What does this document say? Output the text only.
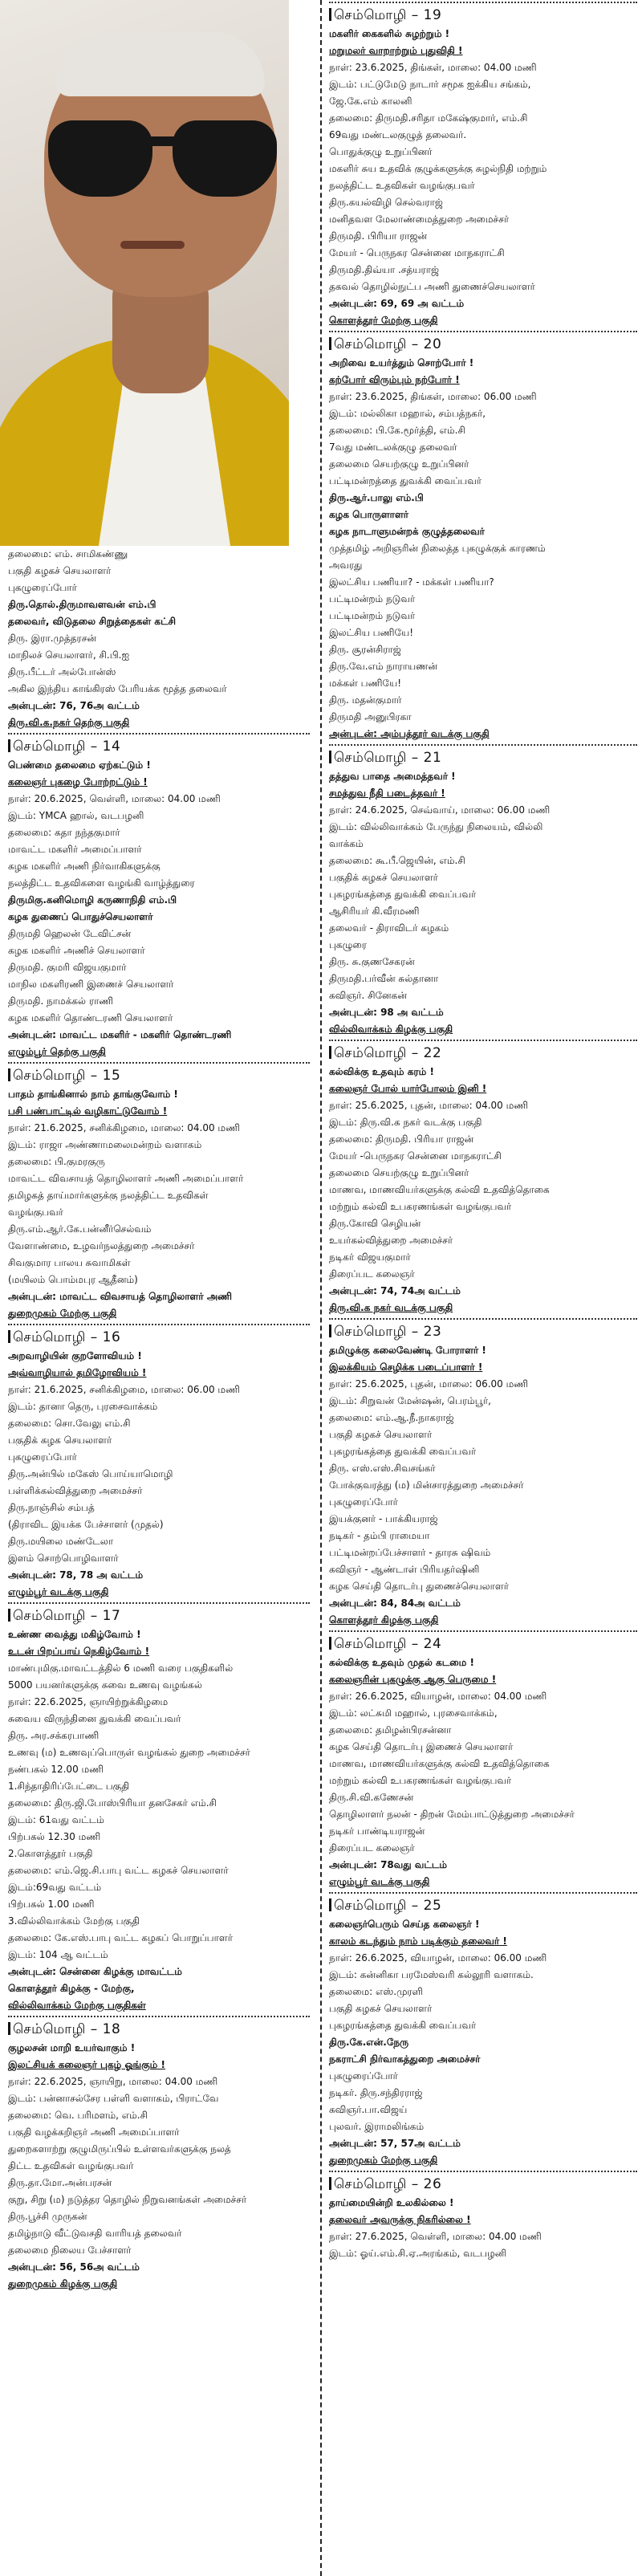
தலைமை: எம். சாமிகண்ணு
பகுதி கழகச் செயலாளர்
புகழுரைப்போர்
திரு.தொல்.திருமாவளவன் எம்.பி
தலைவர், விடுதலை சிறுத்தைகள் கட்சி
திரு. இரா.முத்தரசன்
மாநிலச் செயலாளர், சி.பி.ஐ
திரு.பீட்டர் அல்போன்ஸ்
அகில இந்திய காங்கிரஸ் பேரியக்க மூத்த தலைவர்
அன்புடன்: 76, 76அ வட்டம்
திரு.வி.க.நகர் தெற்கு பகுதி
செம்மொழி – 14
பெண்மை தலைமை ஏற்கட்டும் !
கலைஞர் புகழை போற்றட்டும் !
நாள்: 20.6.2025, வெள்ளி, மாலை: 04.00 மணி
இடம்: YMCA ஹால், வடபழனி
தலைமை: கதா நந்தகுமார்
மாவட்ட மகளிர் அமைப்பாளர்
கழக மகளிர் அணி நிர்வாகிகளுக்கு
நலத்திட்ட உதவிகளை வழங்கி வாழ்த்துரை
திருமிகு.கனிமொழி கருணாநிதி எம்.பி
கழக துணைப் பொதுச்செயலாளர்
திருமதி ஹெலன் டேவிட்சன்
கழக மகளிர் அணிச் செயலாளர்
திருமதி. குமரி விஜயகுமார்
மாநில மகளிரணி இணைச் செயலாளர்
திருமதி. நாமக்கல் ராணி
கழக மகளிர் தொண்டரணி செயலாளர்
அன்புடன்: மாவட்ட மகளிர் - மகளிர் தொண்டரணி
எழும்பூர் தெற்கு பகுதி
செம்மொழி – 15
பாதம் தாங்கினால் நாம் தாங்குவோம் !
பசி பண்பாட்டில் வழிகாட்டுவோம் !
நாள்: 21.6.2025, சனிக்கிழமை, மாலை: 04.00 மணி
இடம்: ராஜா அண்ணாமலைமன்றம் வளாகம்
தலைமை: பி.குமரகுரு
மாவட்ட விவசாயத் தொழிலாளர் அணி அமைப்பாளர்
தமிழகத் தாய்மார்களுக்கு நலத்திட்ட உதவிகள்
வழங்குபவர்
திரு.எம்.ஆர்.கே.பன்னீர்செல்வம்
வேளாண்மை, உழவர்நலத்துறை அமைச்சர்
சிவகுமார பாலய சுவாமிகள்
(மயிலம் பொம்மபுர ஆதீனம்)
அன்புடன்: மாவட்ட விவசாயத் தொழிலாளர் அணி
துறைமுகம் மேற்கு பகுதி
செம்மொழி – 16
அறவாழியின் குறளோவியம் !
அவ்வாழியால் தமிழோவியம் !
நாள்: 21.6.2025, சனிக்கிழமை, மாலை: 06.00 மணி
இடம்: தானா தெரு, புரசைவாக்கம்
தலைமை: சொ.வேலு எம்.சி
பகுதிக் கழக செயலாளர்
புகழுரைப்போர்
திரு.அன்பில் மகேஸ் பொய்யாமொழி
பள்ளிக்கல்வித்துறை அமைச்சர்
திரு.நாஞ்சில் சம்பத்
(திராவிட இயக்க பேச்சாளர் (முதல்)
திரு.மயிலை மண்டேலா
இளம் சொற்பொழிவாளர்
அன்புடன்: 78, 78 அ வட்டம்
எழும்பூர் வடக்கு பகுதி
செம்மொழி – 17
உண்ண வைத்து மகிழ்வோம் !
உடன் பிறப்பாய் நெகிழ்வோம் !
மாண்புமிகு.மாவட்டத்தில் 6 மணி வரை பகுதிகளில்
5000 பயனர்களுக்கு சுவை உணவு வழங்கல்
நாள்: 22.6.2025, ஞாயிற்றுக்கிழமை
சுவைய விருந்தினை துவக்கி வைப்பவர்
திரு. அர.சக்கரபாணி
உணவு (ம) உணவுப்பொருள் வழங்கல் துறை அமைச்சர்
நண்பகல் 12.00 மணி
1.சிந்தாதிரிப்பேட்டை பகுதி
தலைமை: திரு.ஜி.போஸ்பிரியா தனசேகர் எம்.சி
இடம்: 61வது வட்டம்
பிற்பகல் 12.30 மணி
2.கொளத்தூர் பகுதி
தலைமை: எம்.ஜெ.சி.பாபு வட்ட கழகச் செயலாளர்
இடம்:69வது வட்டம்
பிற்பகல் 1.00 மணி
3.வில்லிவாக்கம் மேற்கு பகுதி
தலைமை: கே.எஸ்.பாபு வட்ட கழகப் பொறுப்பாளர்
இடம்: 104 ஆ வட்டம்
அன்புடன்: சென்னை கிழக்கு மாவட்டம்
கொளத்தூர் கிழக்கு - மேற்கு,
வில்லிவாக்கம் மேற்கு பகுதிகள்
செம்மொழி – 18
குழலசன் மாறி உயர்வாகும் !
இலட்சியக் கலைஞர் புகழ் ஓங்கும் !
நாள்: 22.6.2025, ஞாயிறு, மாலை: 04.00 மணி
இடம்: பன்னாசல்சேர பள்ளி வளாகம், பிராட்வே
தலைமை: வெ. பரிமளம், எம்.சி
பகுதி வழக்கறிஞர் அணி அமைப்பாளர்
துறைகளாற்று குழுமிருப்பில் உள்ளவர்களுக்கு நலத்
திட்ட உதவிகள் வழங்குபவர்
திரு.தா.மோ.அன்பரசன்
குறு, சிறு (ம) நடுத்தர தொழில் நிறுவனங்கள் அமைச்சர்
திரு.பூச்சி முருகன்
தமிழ்நாடு வீட்டுவசதி வாரியத் தலைவர்
தலைமை நிலைய பேச்சாளர்
அன்புடன்: 56, 56அ வட்டம்
துறைமுகம் கிழக்கு பகுதி
செம்மொழி – 19
மகளிர் கைகளில் சுழற்றும் !
மறுமலர் வாறாற்றும் புதுவிதி !
நாள்: 23.6.2025, திங்கள், மாலை: 04.00 மணி
இடம்: பட்டுமேடு நாடார் சமூக ஐக்கிய சங்கம்,
ஜே.கே.எம் காலனி
தலைமை: திருமதி.சரிதா மகேஷ்குமார், எம்.சி
69வது மண்டலகுழுத் தலைவர்.
பொதுக்குழு உறுப்பினர்
மகளிர் சுய உதவிக் குழுக்களுக்கு சுழல்நிதி மற்றும்
நலத்திட்ட உதவிகள் வழங்குபவர்
திரு.கயல்விழி செல்வராஜ்
மனிதவள மேலாண்மைத்துறை அமைச்சர்
திருமதி. பிரியா ராஜன்
மேயர் - பெருநகர சென்னை மாநகராட்சி
திருமதி.திவ்யா .சத்யராஜ்
தகவல் தொழில்நுட்ப அணி துணைச்செயலாளர்
அன்புடன்: 69, 69 அ வட்டம்
கொளத்தூர் மேற்கு பகுதி
செம்மொழி – 20
அறிவை உயர்த்தும் சொற்போர் !
கற்போர் விரும்பும் நற்போர் !
நாள்: 23.6.2025, திங்கள், மாலை: 06.00 மணி
இடம்: மல்லிகா மஹால், சம்பத்நகர்,
தலைமை: பி.கே.மூர்த்தி, எம்.சி
7வது மண்டலக்குழு தலைவர்
தலைமை செயற்குழு உறுப்பினர்
பட்டிமன்றத்தை துவக்கி வைப்பவர்
திரு.ஆர்.பாலு எம்.பி
கழக பொருளாளர்
கழக நாடாளுமன்றக் குழுத்தலைவர்
முத்தமிழ் அறிஞரின் நிலைத்த புகழுக்குக் காரணம்
அவரது
இலட்சிய பணியா? - மக்கள் பணியா?
பட்டிமன்றம் நடுவர்
பட்டிமன்றம் நடுவர்
இலட்சிய பணியே!
திரு. சூரன்சிராஜ்
திரு.வே.எம் நாராயணன்
மக்கள் பணியே!
திரு. மதன்குமார்
திருமதி அனுபிரகா
அன்புடன்: அம்பத்தூர் வடக்கு பகுதி
செம்மொழி – 21
தத்துவ பாதை அமைத்தவர் !
சமத்துவ நீதி படைத்தவர் !
நாள்: 24.6.2025, செவ்வாய், மாலை: 06.00 மணி
இடம்: வில்லிவாக்கம் பேருந்து நிலையம், வில்லி
வாக்கம்
தலைமை: கூ.பீ.ஜெயின், எம்.சி
பகுதிக் கழகச் செயலாளர்
புகழரங்கத்தை துவக்கி வைப்பவர்
ஆசிரியர் கி.வீரமணி
தலைவர் - திராவிடர் கழகம்
புகழுரை
திரு. சு.குணசேகரன்
திருமதி.பர்வீன் சுல்தானா
கவிஞர். சினேகன்
அன்புடன்: 98 அ வட்டம்
வில்லிவாக்கம் கிழக்கு பகுதி
செம்மொழி – 22
கல்விக்கு உதவும் கரம் !
கலைஞர் போல் யார்போலம் இனி !
நாள்: 25.6.2025, புதன், மாலை: 04.00 மணி
இடம்: திரு.வி.க நகர் வடக்கு பகுதி
தலைமை: திருமதி. பிரியா ராஜன்
மேயர் -பெருநகர சென்னை மாநகராட்சி
தலைமை செயற்குழு உறுப்பினர்
மாணவ, மாணவியர்களுக்கு கல்வி உதவித்தொகை
மற்றும் கல்வி உபகரணங்கள் வழங்குபவர்
திரு.கோவி செழியன்
உயர்கல்வித்துறை அமைச்சர்
நடிகர் விஜயகுமார்
திரைப்பட கலைஞர்
அன்புடன்: 74, 74அ வட்டம்
திரு.வி.க நகர் வடக்கு பகுதி
செம்மொழி – 23
தமிழுக்கு கலைவேண்டி போராளர் !
இலக்கியம் செழிக்க படைப்பாளர் !
நாள்: 25.6.2025, புதன், மாலை: 06.00 மணி
இடம்: சிறுவன் மேன்ஷன், பெரம்பூர்,
தலைமை: எம்.ஆ.நீ.நாகராஜ்
பகுதி கழகச் செயலாளர்
புகழரங்கத்தை துவக்கி வைப்பவர்
திரு. எஸ்.எஸ்.சிவசங்கர்
போக்குவரத்து (ம) மின்சாரத்துறை அமைச்சர்
புகழுரைப்போர்
இயக்குனர் - பாக்கியராஜ்
நடிகர் - தம்பி ராமையா
பட்டிமன்றப்பேச்சாளர் - தாரசு ஷிவம்
கவிஞர் - ஆண்டாள் பிரியதர்ஷினி
கழக செய்தி தொடர்பு துணைச்செயலாளர்
அன்புடன்: 84, 84அ வட்டம்
கொளத்தூர் கிழக்கு பகுதி
செம்மொழி – 24
கல்விக்கு உதவும் முதல் கடமை !
கலைஞரின் புகழுக்கு ஆகு பெருமை !
நாள்: 26.6.2025, வியாழன், மாலை: 04.00 மணி
இடம்: லட்சுமி மஹால், புரசைவாக்கம்,
தலைமை: தமிழன்பிரசன்னா
கழக செய்தி தொடர்பு இணைச் செயலாளர்
மாணவ, மாணவியர்களுக்கு கல்வி உதவித்தொகை
மற்றும் கல்வி உபகரணங்கள் வழங்குபவர்
திரு.சி.வி.கணேசன்
தொழிலாளர் நலன் - திறன் மேம்பாட்டுத்துறை அமைச்சர்
நடிகர் பாண்டியராஜன்
திரைப்பட கலைஞர்
அன்புடன்: 78வது வட்டம்
எழும்பூர் வடக்கு பகுதி
செம்மொழி – 25
கலைஞர்பெரும் செய்த கலைஞர் !
காலம் கடந்தும் நாம் படிக்கும் தலைவர் !
நாள்: 26.6.2025, வியாழன், மாலை: 06.00 மணி
இடம்: கன்னிகா பரமேஸ்வரி கல்லூரி வளாகம்.
தலைமை: எஸ்.முரளி
பகுதி கழகச் செயலாளர்
புகழரங்கத்தை துவக்கி வைப்பவர்
திரு.கே.என்.நேரு
நகராட்சி நிர்வாகத்துறை அமைச்சர்
புகழுரைப்போர்
நடிகர். திரு.சந்திரராஜ்
கவிஞர்.பா.விஜய்
புலவர். இராமலிங்கம்
அன்புடன்: 57, 57அ வட்டம்
துறைமுகம் மேற்கு பகுதி
செம்மொழி – 26
தாய்மையின்றி உலகில்லை !
தலைவர் அவருக்கு நிகரில்லை !
நாள்: 27.6.2025, வெள்ளி, மாலை: 04.00 மணி
இடம்: ஓய்.எம்.சி.ஏ.அரங்கம், வடபழனி
